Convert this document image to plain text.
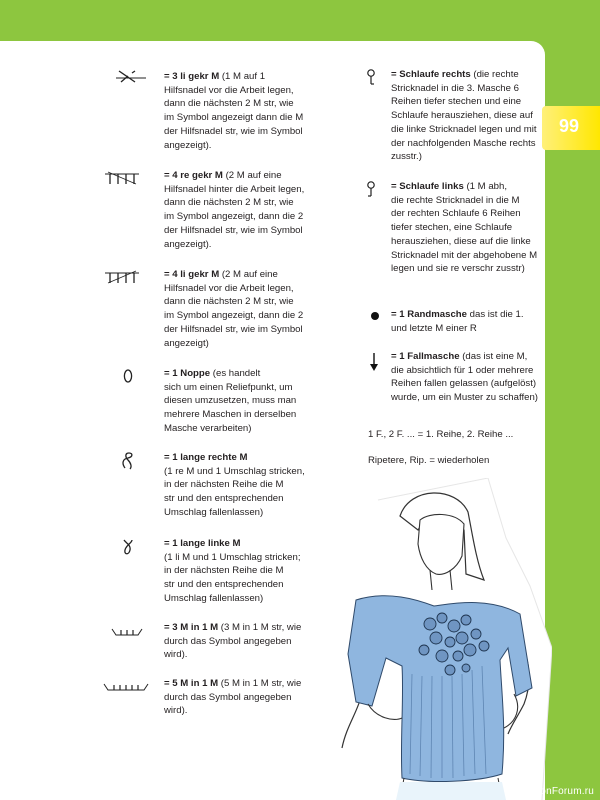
99
= 3 li gekr M (1 M auf 1
Hilfsnadel vor die Arbeit legen,
dann die nächsten 2 M str, wie
im Symbol angezeigt dann die M
der Hilfsnadel str, wie im Symbol
angezeigt).
= 4 re gekr M (2 M auf eine
Hilfsnadel hinter die Arbeit legen,
dann die nächsten 2 M str, wie
im Symbol angezeigt, dann die 2
der Hilfsnadel str, wie im Symbol
angezeigt).
= 4 li gekr M (2 M auf eine
Hilfsnadel vor die Arbeit legen,
dann die nächsten 2 M str, wie
im Symbol angezeigt, dann die 2
der Hilfsnadel str, wie im Symbol
angezeigt)
= 1 Noppe (es handelt
sich um einen Reliefpunkt, um
diesen umzusetzen, muss man
mehrere Maschen in derselben
Masche verarbeiten)
= 1 lange rechte M
(1 re M und 1 Umschlag stricken,
in der nächsten Reihe die M
str und den entsprechenden
Umschlag fallenlassen)
= 1 lange linke M
(1 li M und 1 Umschlag stricken;
in der nächsten Reihe die M
str und den entsprechenden
Umschlag fallenlassen)
= 3 M in 1 M (3 M in 1 M str, wie
durch das Symbol angegeben
wird).
= 5 M in 1 M (5 M in 1 M str, wie
durch das Symbol angegeben
wird).
= Schlaufe rechts (die rechte
Stricknadel in die 3. Masche 6
Reihen tiefer stechen und eine
Schlaufe herausziehen, diese auf
die linke Stricknadel legen und mit
der nachfolgenden Masche rechts
zusstr.)
= Schlaufe links (1 M abh,
die rechte Stricknadel in die M
der rechten Schlaufe 6 Reihen
tiefer stechen, eine Schlaufe
herausziehen, diese auf die linke
Stricknadel mit der abgehobene M
legen und sie re verschr zusstr)
= 1 Randmasche das ist die 1.
und letzte M einer R
= 1 Fallmasche (das ist eine M,
die absichtlich für 1 oder mehrere
Reihen fallen gelassen (aufgelöst)
wurde, um ein Muster zu schaffen)
1 F., 2 F. ... = 1. Reihe, 2. Reihe ...
Ripetere, Rip. = wiederholen
PassionForum.ru
